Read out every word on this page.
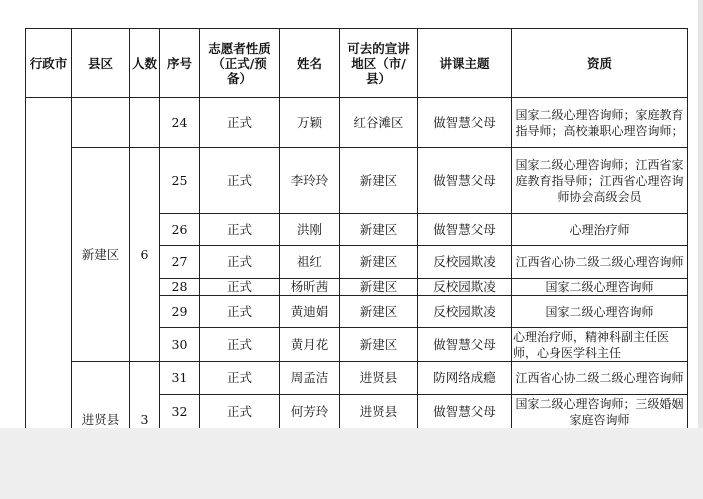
行政市	县区	人数	序号	志愿者性质（正式/预备）	姓名	可去的宣讲地区（市/县）	讲课主题	资质
			24	正式	万颖	红谷滩区	做智慧父母	国家二级心理咨询师；家庭教育指导师；高校兼职心理咨询师；
	新建区	6	25	正式	李玲玲	新建区	做智慧父母	国家二级心理咨询师；江西省家庭教育指导师；江西省心理咨询师协会高级会员
			26	正式	洪刚	新建区	做智慧父母	心理治疗师
			27	正式	祖红	新建区	反校园欺凌	江西省心协二级二级心理咨询师
			28	正式	杨昕茜	新建区	反校园欺凌	国家二级心理咨询师
			29	正式	黄迪娟	新建区	反校园欺凌	国家二级心理咨询师
			30	正式	黄月花	新建区	做智慧父母	心理治疗师，精神科副主任医师，心身医学科主任
	进贤县	3	31	正式	周孟洁	进贤县	防网络成瘾	江西省心协二级二级心理咨询师
			32	正式	何芳玲	进贤县	做智慧父母	国家二级心理咨询师；三级婚姻家庭咨询师
